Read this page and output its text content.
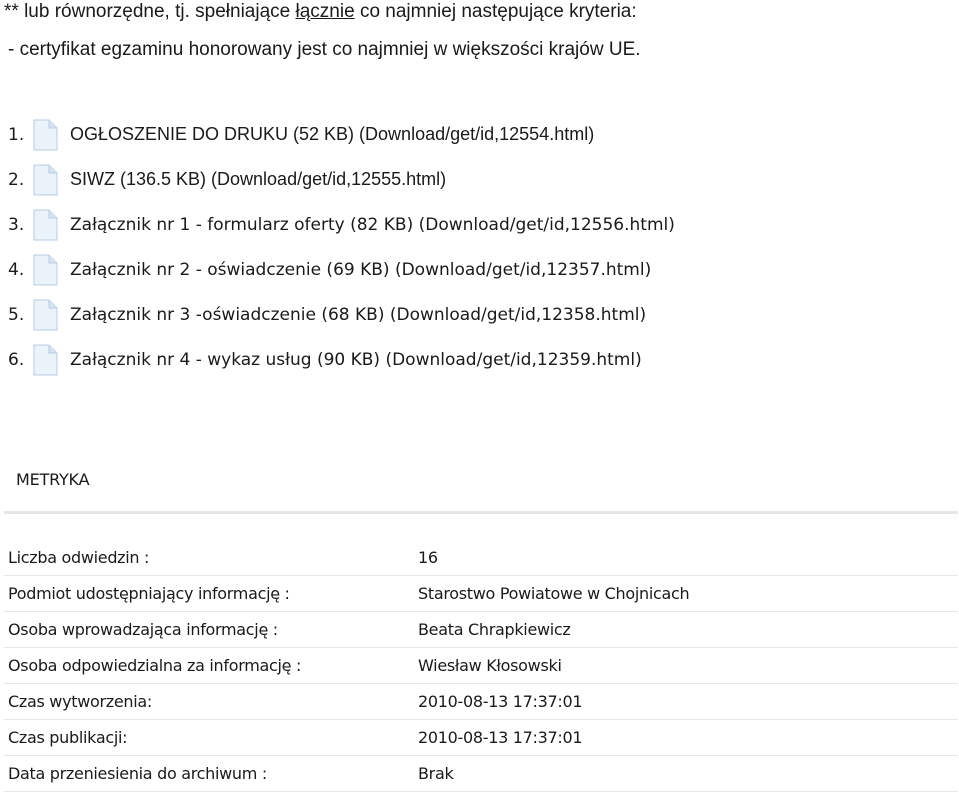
** lub równorzędne, tj. spełniające łącznie co najmniej następujące kryteria:
- certyfikat egzaminu honorowany jest co najmniej w większości krajów UE.
1.	OGŁOSZENIE DO DRUKU (52 KB) (Download/get/id,12554.html)
2.	SIWZ (136.5 KB) (Download/get/id,12555.html)
3.	Załącznik nr 1 - formularz oferty (82 KB) (Download/get/id,12556.html)
4.	Załącznik nr 2 - oświadczenie (69 KB) (Download/get/id,12357.html)
5.	Załącznik nr 3 -oświadczenie (68 KB) (Download/get/id,12358.html)
6.	Załącznik nr 4 - wykaz usług (90 KB) (Download/get/id,12359.html)
METRYKA
Liczba odwiedzin :	16
Podmiot udostępniający informację :	Starostwo Powiatowe w Chojnicach
Osoba wprowadzająca informację :	Beata Chrapkiewicz
Osoba odpowiedzialna za informację :	Wiesław Kłosowski
Czas wytworzenia:	2010-08-13 17:37:01
Czas publikacji:	2010-08-13 17:37:01
Data przeniesienia do archiwum :	Brak
